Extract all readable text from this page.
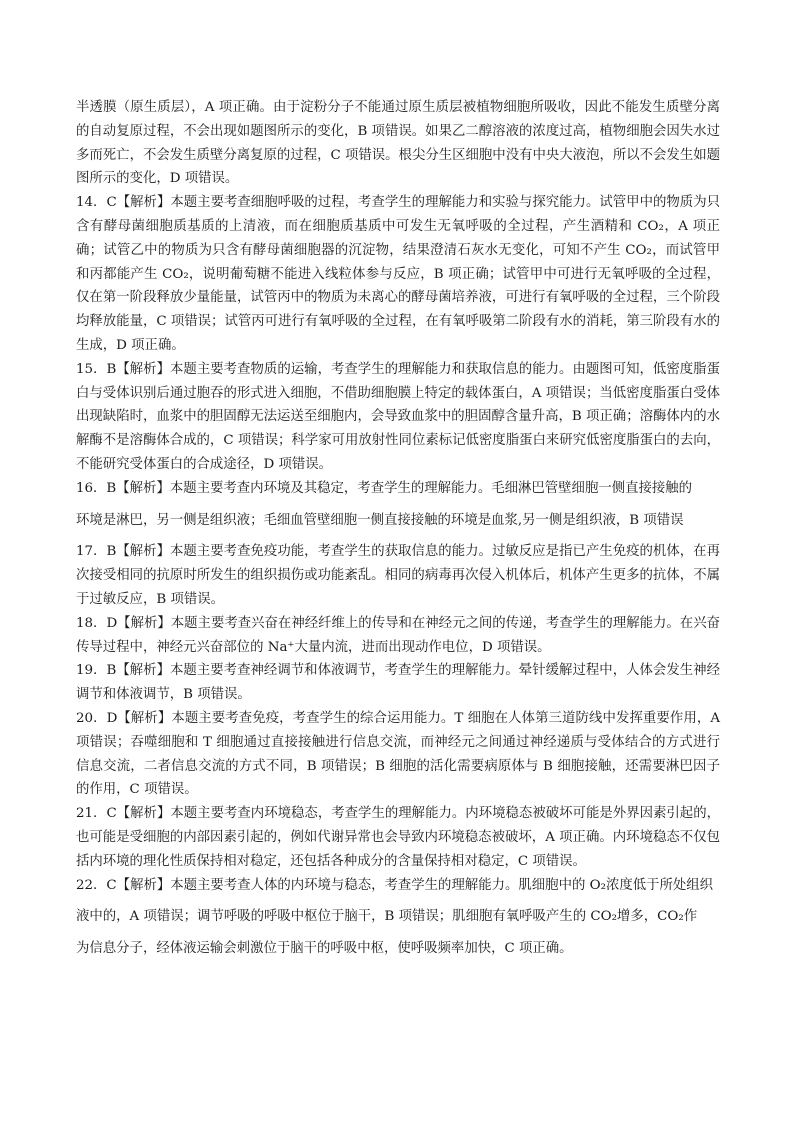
半透膜（原生质层），A 项正确。由于淀粉分子不能通过原生质层被植物细胞所吸收，因此不能发生质壁分离的自动复原过程，不会出现如题图所示的变化，B 项错误。如果乙二醇溶液的浓度过高，植物细胞会因失水过多而死亡，不会发生质壁分离复原的过程，C 项错误。根尖分生区细胞中没有中央大液泡，所以不会发生如题图所示的变化，D 项错误。

14．C【解析】本题主要考查细胞呼吸的过程，考查学生的理解能力和实验与探究能力。试管甲中的物质为只含有酵母菌细胞质基质的上清液，而在细胞质基质中可发生无氧呼吸的全过程，产生酒精和 CO₂，A 项正确；试管乙中的物质为只含有酵母菌细胞器的沉淀物，结果澄清石灰水无变化，可知不产生 CO₂，而试管甲和丙都能产生 CO₂，说明葡萄糖不能进入线粒体参与反应，B 项正确；试管甲中可进行无氧呼吸的全过程，仅在第一阶段释放少量能量，试管丙中的物质为未离心的酵母菌培养液，可进行有氧呼吸的全过程，三个阶段均释放能量，C 项错误；试管丙可进行有氧呼吸的全过程，在有氧呼吸第二阶段有水的消耗，第三阶段有水的生成，D 项正确。

15．B【解析】本题主要考查物质的运输，考查学生的理解能力和获取信息的能力。由题图可知，低密度脂蛋白与受体识别后通过胞吞的形式进入细胞，不借助细胞膜上特定的载体蛋白，A 项错误；当低密度脂蛋白受体出现缺陷时，血浆中的胆固醇无法运送至细胞内，会导致血浆中的胆固醇含量升高，B 项正确；溶酶体内的水解酶不是溶酶体合成的，C 项错误；科学家可用放射性同位素标记低密度脂蛋白来研究低密度脂蛋白的去向，不能研究受体蛋白的合成途径，D 项错误。

16．B【解析】本题主要考查内环境及其稳定，考查学生的理解能力。毛细淋巴管壁细胞一侧直接接触的

环境是淋巴，另一侧是组织液；毛细血管壁细胞一侧直接接触的环境是血浆,另一侧是组织液，B 项错误

17．B【解析】本题主要考查免疫功能，考查学生的获取信息的能力。过敏反应是指已产生免疫的机体，在再次接受相同的抗原时所发生的组织损伤或功能紊乱。相同的病毒再次侵入机体后，机体产生更多的抗体，不属于过敏反应，B 项错误。

18．D【解析】本题主要考查兴奋在神经纤维上的传导和在神经元之间的传递，考查学生的理解能力。在兴奋传导过程中，神经元兴奋部位的 Na⁺大量内流，进而出现动作电位，D 项错误。

19．B【解析】本题主要考查神经调节和体液调节，考查学生的理解能力。晕针缓解过程中，人体会发生神经调节和体液调节，B 项错误。

20．D【解析】本题主要考查免疫，考查学生的综合运用能力。T 细胞在人体第三道防线中发挥重要作用，A 项错误；吞噬细胞和 T 细胞通过直接接触进行信息交流，而神经元之间通过神经递质与受体结合的方式进行信息交流，二者信息交流的方式不同，B 项错误；B 细胞的活化需要病原体与 B 细胞接触，还需要淋巴因子的作用，C 项错误。

21．C【解析】本题主要考查内环境稳态，考查学生的理解能力。内环境稳态被破坏可能是外界因素引起的，也可能是受细胞的内部因素引起的，例如代谢异常也会导致内环境稳态被破坏，A 项正确。内环境稳态不仅包括内环境的理化性质保持相对稳定，还包括各种成分的含量保持相对稳定，C 项错误。

22．C【解析】本题主要考查人体的内环境与稳态，考查学生的理解能力。肌细胞中的 O₂浓度低于所处组织

液中的，A 项错误；调节呼吸的呼吸中枢位于脑干，B 项错误；肌细胞有氧呼吸产生的 CO₂增多，CO₂作

为信息分子，经体液运输会刺激位于脑干的呼吸中枢，使呼吸频率加快，C 项正确。
